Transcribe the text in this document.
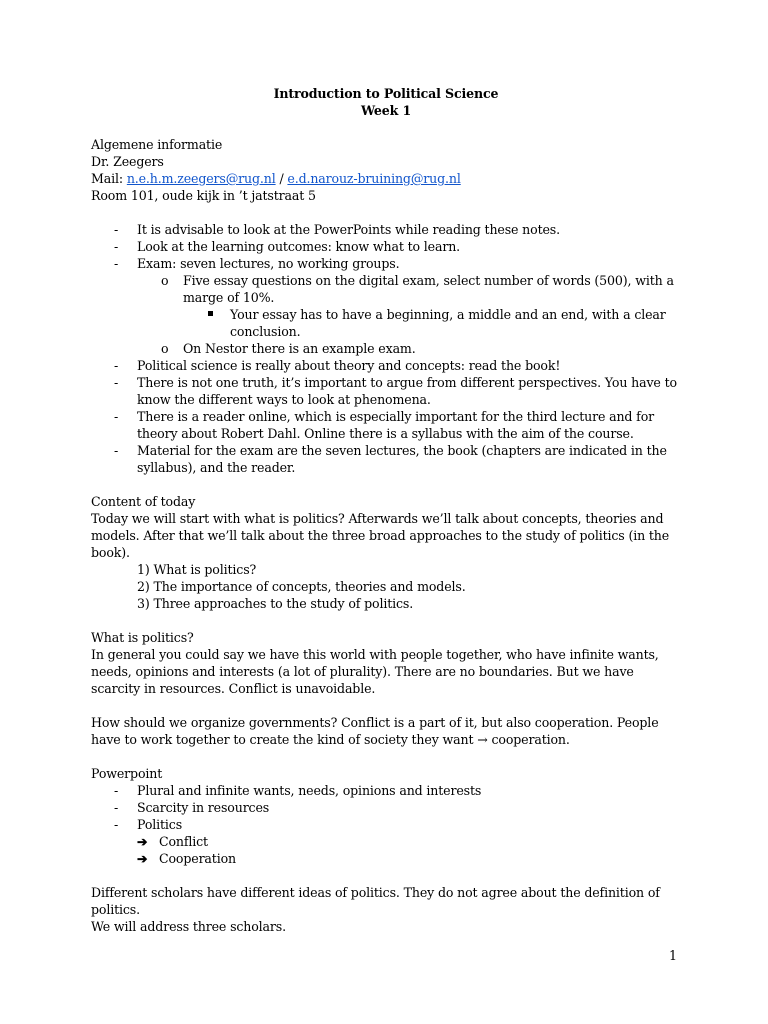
Introduction to Political Science

Week 1

Algemene informatie

Dr. Zeegers

Mail: n.e.h.m.zeegers@rug.nl / e.d.narouz-bruining@rug.nl

Room 101, oude kijk in ’t jatstraat 5

- It is advisable to look at the PowerPoints while reading these notes.
- Look at the learning outcomes: know what to learn.
- Exam: seven lectures, no working groups.
o Five essay questions on the digital exam, select number of words (500), with a marge of 10%.
Your essay has to have a beginning, a middle and an end, with a clear conclusion.
o On Nestor there is an example exam.
- Political science is really about theory and concepts: read the book!
- There is not one truth, it’s important to argue from different perspectives. You have to know the different ways to look at phenomena.
- There is a reader online, which is especially important for the third lecture and for theory about Robert Dahl. Online there is a syllabus with the aim of the course.
- Material for the exam are the seven lectures, the book (chapters are indicated in the syllabus), and the reader.

Content of today

Today we will start with what is politics? Afterwards we’ll talk about concepts, theories and models. After that we’ll talk about the three broad approaches to the study of politics (in the book).

1) What is politics?

2) The importance of concepts, theories and models.

3) Three approaches to the study of politics.

What is politics?

In general you could say we have this world with people together, who have infinite wants, needs, opinions and interests (a lot of plurality). There are no boundaries. But we have scarcity in resources. Conflict is unavoidable.

How should we organize governments? Conflict is a part of it, but also cooperation. People have to work together to create the kind of society they want → cooperation.

Powerpoint

- Plural and infinite wants, needs, opinions and interests
- Scarcity in resources
- Politics
➔ Conflict
➔ Cooperation

Different scholars have different ideas of politics. They do not agree about the definition of politics.

We will address three scholars.

1
